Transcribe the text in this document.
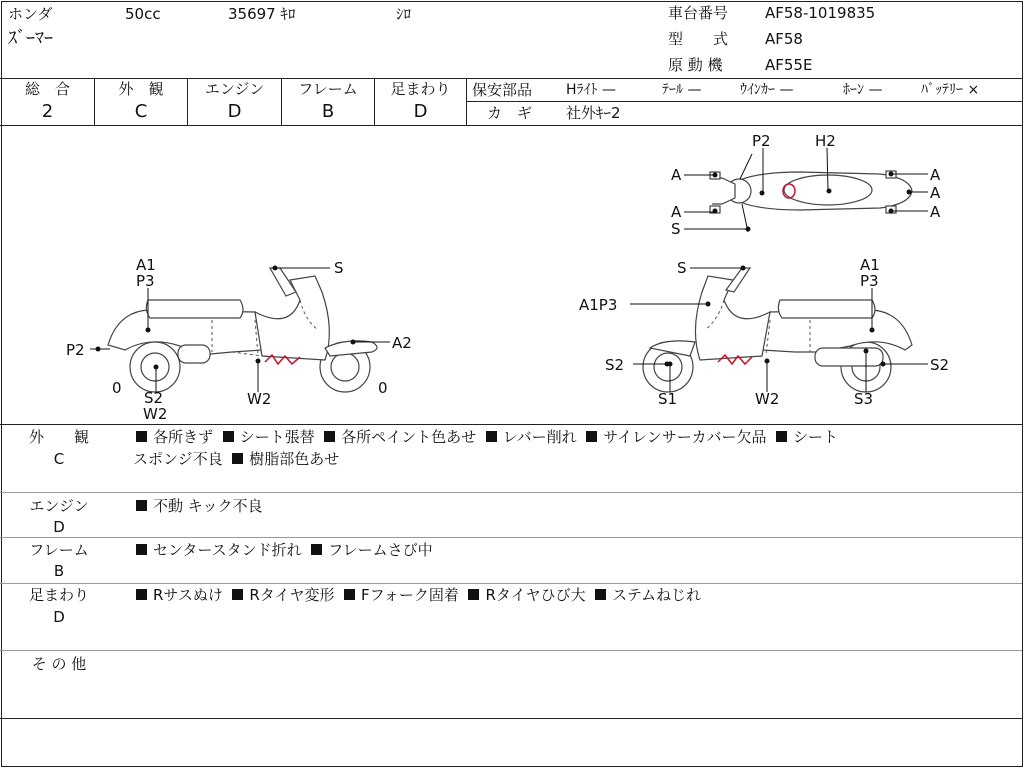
ホンダ	50cc	35697 ｷﾛ	ｼﾛ
ｽﾞｰﾏｰ
車台番号 AF58-1019835
型　　式 AF58
原 動 機	AF55E
総　合
2
外　観
C
エンジン
D
フレーム
B
足まわり
D
保安部品 Hﾗｲﾄ —	ﾃｰﾙ —	ｳｲﾝｶｰ —	ﾎｰﾝ —	ﾊﾞｯﾃﾘｰ ×
カ　ギ 社外ｷｰ2
P2	H2
A
A
S
A
A
A
A1
P3
S
P2	A2
0	0
S2
W2
W2
S	A1
P3
A1P3
S2	S2
S1	W2	S3
外　　観
C
各所きず シート張替 各所ペイント色あせ レバー削れ サイレンサーカバー欠品 シート
スポンジ不良 樹脂部色あせ
エンジン
D
不動 キック不良
フレーム
B
センタースタンド折れ フレームさび中
足まわり
D
Rサスぬけ Rタイヤ変形 Fフォーク固着 Rタイヤひび大 ステムねじれ
そ の 他
